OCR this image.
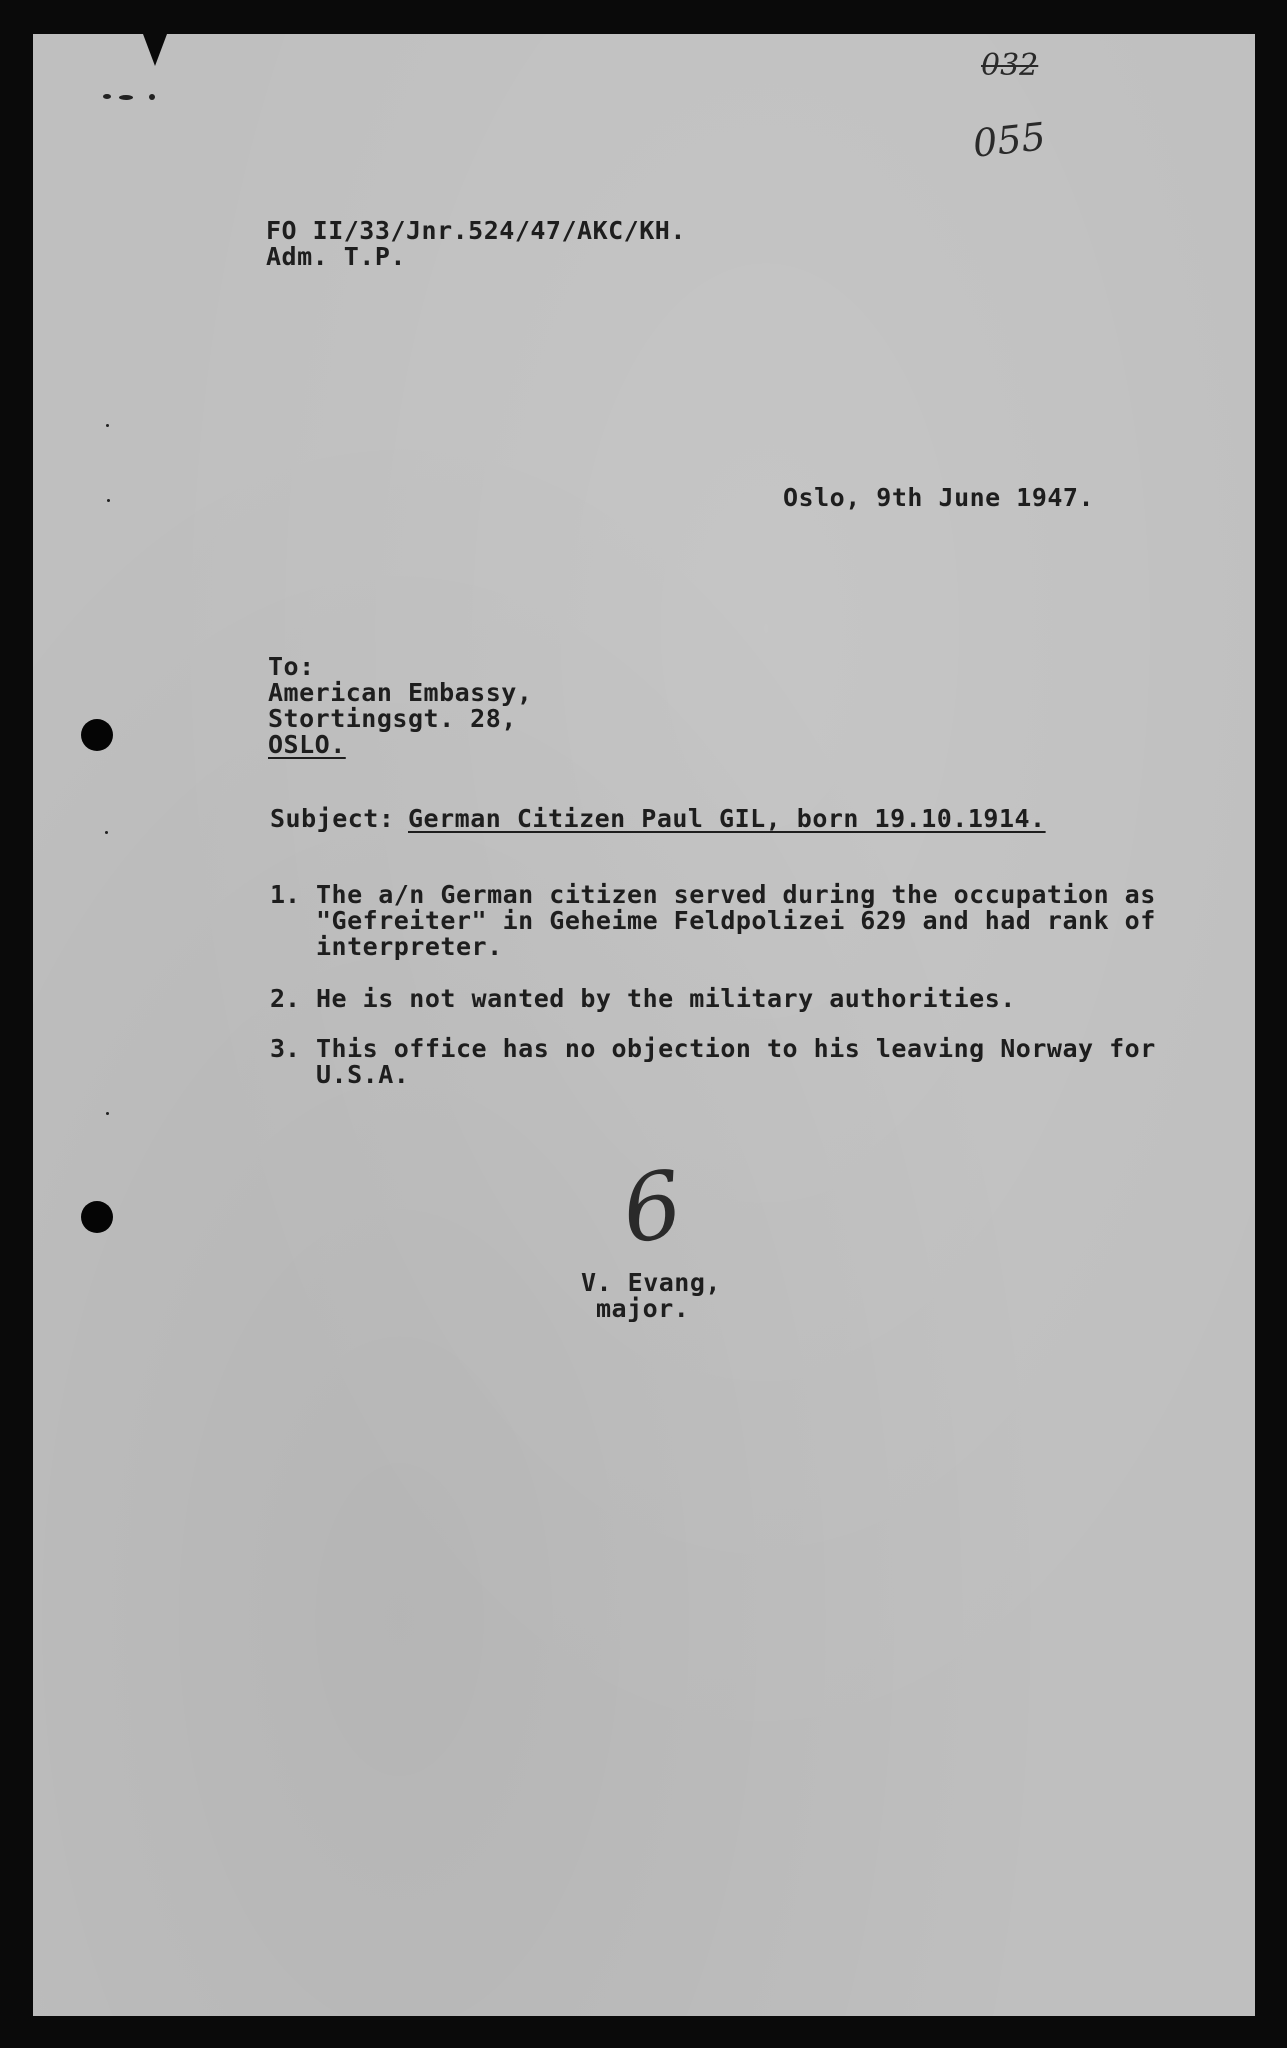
032
055
FO II/33/Jnr.524/47/AKC/KH.
Adm. T.P.
Oslo, 9th June 1947.
To:
American Embassy,
Stortingsgt. 28,
OSLO.
Subject: German Citizen Paul GIL, born 19.10.1914.
1. The a/n German citizen served during the occupation as
"Gefreiter" in Geheime Feldpolizei 629 and had rank of
interpreter.
2. He is not wanted by the military authorities.
3. This office has no objection to his leaving Norway for
U.S.A.
6
V. Evang,
major.
